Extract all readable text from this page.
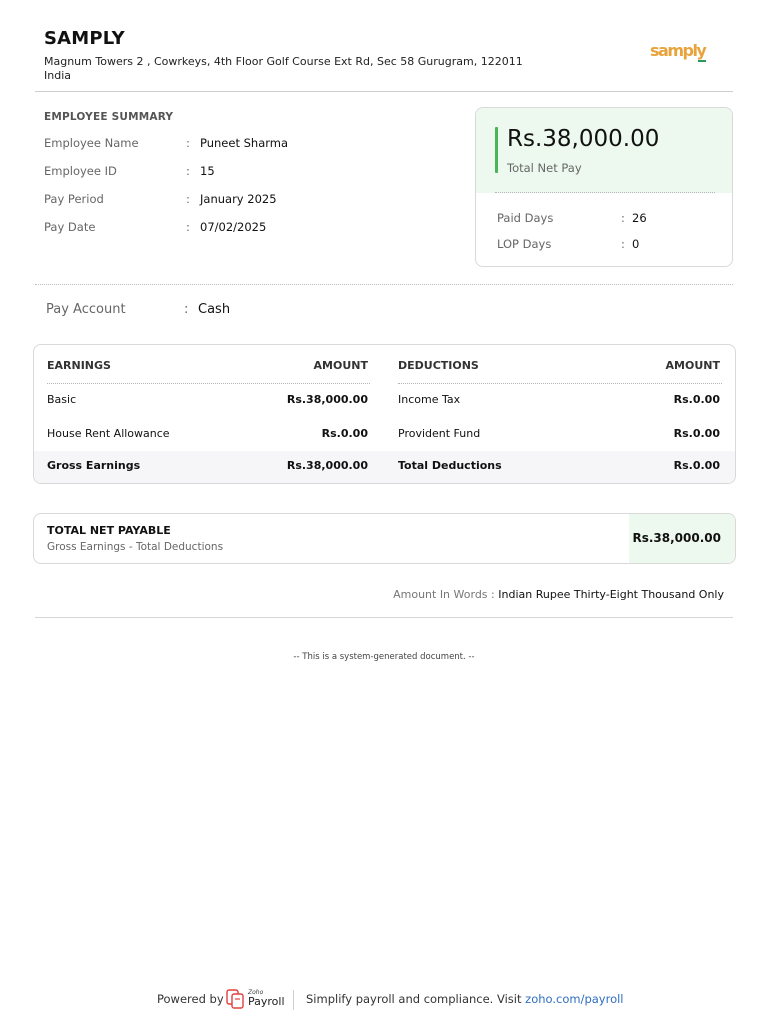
SAMPLY
Magnum Towers 2 , Cowrkeys, 4th Floor Golf Course Ext Rd, Sec 58 Gurugram, 122011
India
samply
EMPLOYEE SUMMARY
Employee Name	: Puneet Sharma
Employee ID	: 15
Pay Period	: January 2025
Pay Date	: 07/02/2025
Rs.38,000.00
Total Net Pay
Paid Days	: 26
LOP Days	: 0
Pay Account	: Cash
EARNINGS	AMOUNT	DEDUCTIONS	AMOUNT
Basic	Rs.38,000.00	Income Tax	Rs.0.00
House Rent Allowance	Rs.0.00	Provident Fund	Rs.0.00
Gross Earnings	Rs.38,000.00	Total Deductions	Rs.0.00
TOTAL NET PAYABLE
Gross Earnings - Total Deductions
Rs.38,000.00
Amount In Words : Indian Rupee Thirty-Eight Thousand Only
-- This is a system-generated document. --
Powered by	Zoho
Payroll Simplify payroll and compliance. Visit zoho.com/payroll
